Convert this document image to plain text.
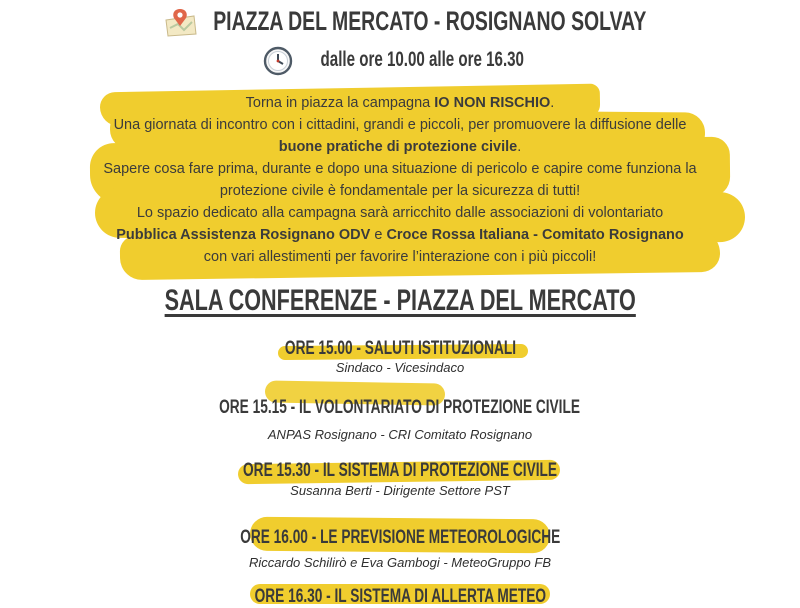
PIAZZA DEL MERCATO - ROSIGNANO SOLVAY
dalle ore 10.00 alle ore 16.30

Torna in piazza la campagna IO NON RISCHIO.

Una giornata di incontro con i cittadini, grandi e piccoli, per promuovere la diffusione delle

buone pratiche di protezione civile.

Sapere cosa fare prima, durante e dopo una situazione di pericolo e capire come funziona la

protezione civile è fondamentale per la sicurezza di tutti!

Lo spazio dedicato alla campagna sarà arricchito dalle associazioni di volontariato

Pubblica Assistenza Rosignano ODV e Croce Rossa Italiana - Comitato Rosignano

con vari allestimenti per favorire l’interazione con i più piccoli!

SALA CONFERENZE - PIAZZA DEL MERCATO
ORE 15.00 - SALUTI ISTITUZIONALI
Sindaco - Vicesindaco
ORE 15.15 - IL VOLONTARIATO DI PROTEZIONE CIVILE
ANPAS Rosignano - CRI Comitato Rosignano
ORE 15.30 - IL SISTEMA DI PROTEZIONE CIVILE
Susanna Berti - Dirigente Settore PST
ORE 16.00 - LE PREVISIONE METEOROLOGICHE
Riccardo Schilirò e Eva Gambogi - MeteoGruppo FB
ORE 16.30 - IL SISTEMA DI ALLERTA METEO
